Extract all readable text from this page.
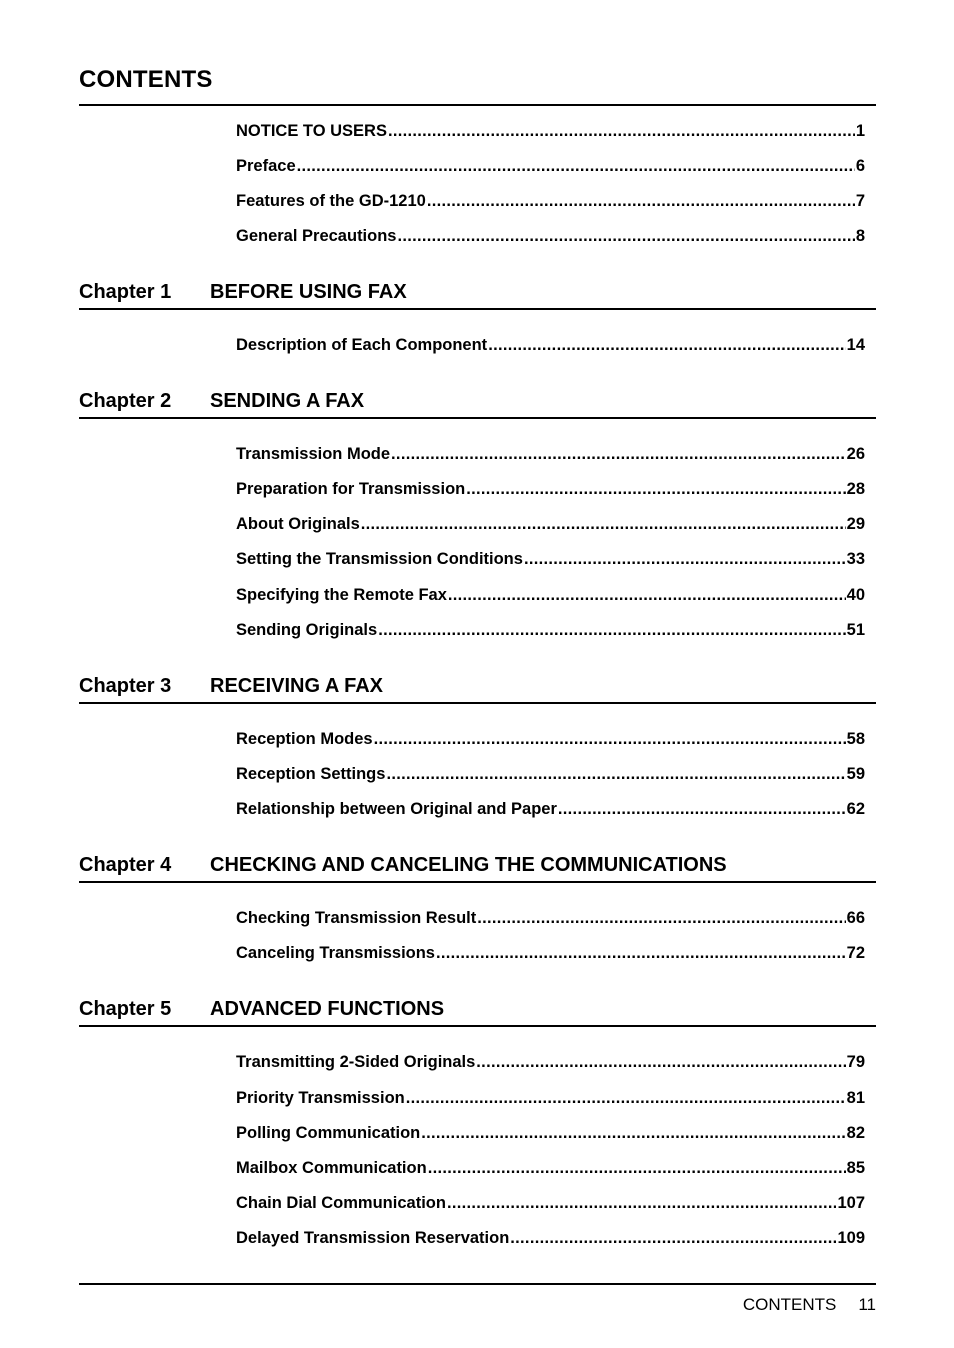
CONTENTS
NOTICE TO USERS .....	1
Preface .....	6
Features of the GD-1210 .....	7
General Precautions .....	8
Chapter 1 BEFORE USING FAX
Description of Each Component .....	14
Chapter 2 SENDING A FAX
Transmission Mode .....	26
Preparation for Transmission .....	28
About Originals .....	29
Setting the Transmission Conditions .....	33
Specifying the Remote Fax .....	40
Sending Originals .....	51
Chapter 3 RECEIVING A FAX
Reception Modes .....	58
Reception Settings .....	59
Relationship between Original and Paper .....	62
Chapter 4 CHECKING AND CANCELING THE COMMUNICATIONS
Checking Transmission Result .....	66
Canceling Transmissions .....	72
Chapter 5 ADVANCED FUNCTIONS
Transmitting 2-Sided Originals .....	79
Priority Transmission .....	81
Polling Communication .....	82
Mailbox Communication .....	85
Chain Dial Communication .....	107
Delayed Transmission Reservation .....	109
CONTENTS 11
